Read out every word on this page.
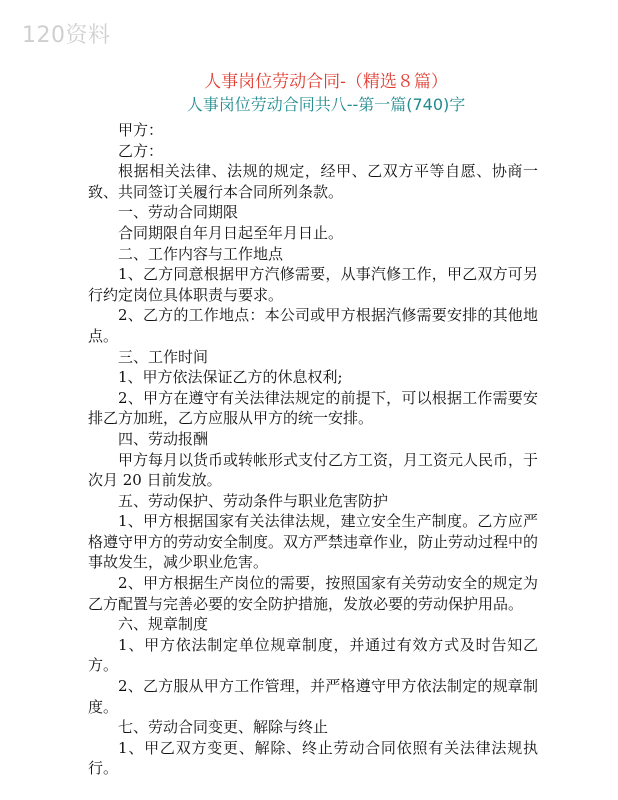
120资料
人事岗位劳动合同-（精选８篇）
人事岗位劳动合同共八--第一篇(740)字

甲方：

乙方：

根据相关法律、法规的规定，经甲、乙双方平等自愿、协商一致、共同签订关履行本合同所列条款。

一、劳动合同期限

合同期限自年月日起至年月日止。

二、工作内容与工作地点

1、乙方同意根据甲方汽修需要，从事汽修工作，甲乙双方可另行约定岗位具体职责与要求。

2、乙方的工作地点：本公司或甲方根据汽修需要安排的其他地点。

三、工作时间

1、甲方依法保证乙方的休息权利;

2、甲方在遵守有关法律法规定的前提下，可以根据工作需要安排乙方加班，乙方应服从甲方的统一安排。

四、劳动报酬

甲方每月以货币或转帐形式支付乙方工资，月工资元人民币，于次月 20 日前发放。

五、劳动保护、劳动条件与职业危害防护

1、甲方根据国家有关法律法规，建立安全生产制度。乙方应严格遵守甲方的劳动安全制度。双方严禁违章作业，防止劳动过程中的事故发生，减少职业危害。

2、甲方根据生产岗位的需要，按照国家有关劳动安全的规定为乙方配置与完善必要的安全防护措施，发放必要的劳动保护用品。

六、规章制度

1、甲方依法制定单位规章制度，并通过有效方式及时告知乙方。

2、乙方服从甲方工作管理，并严格遵守甲方依法制定的规章制度。

七、劳动合同变更、解除与终止

1、甲乙双方变更、解除、终止劳动合同依照有关法律法规执行。
